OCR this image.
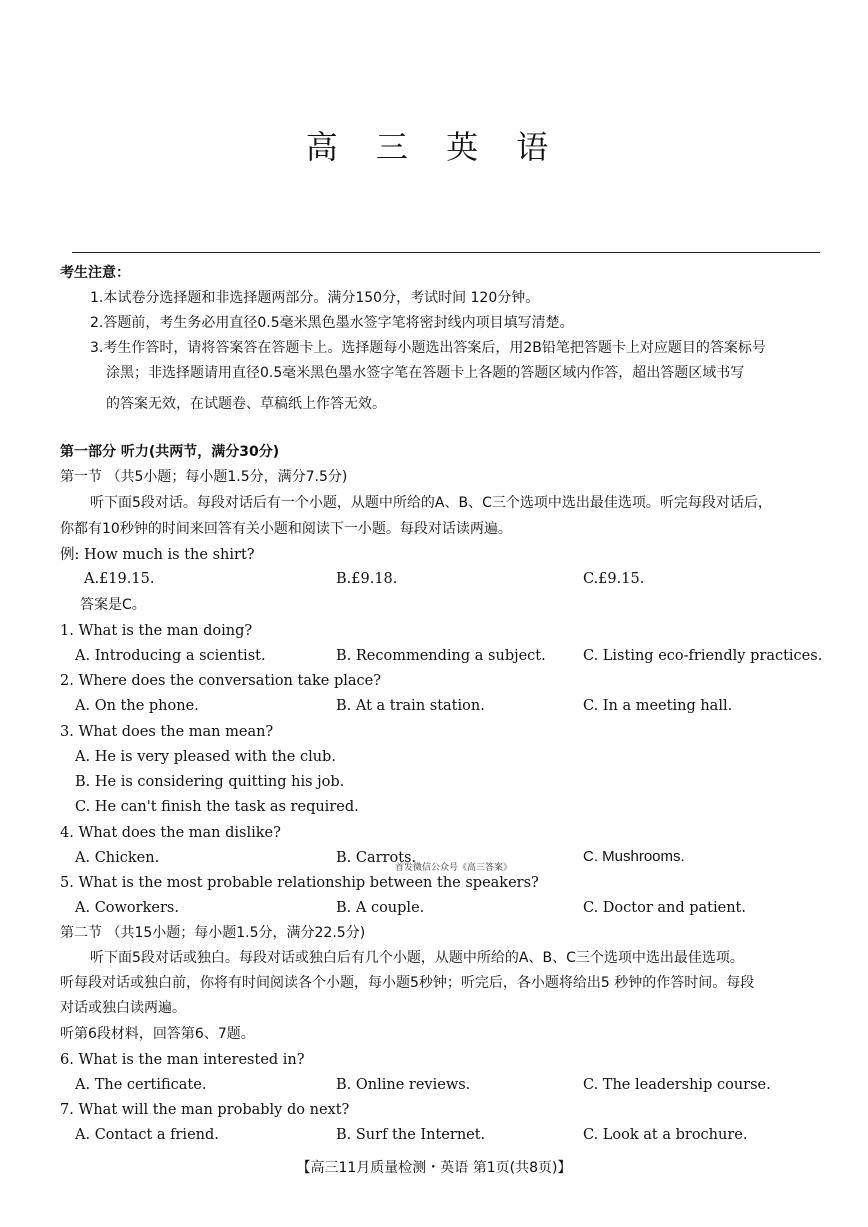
高 三 英 语
考生注意：
1.本试卷分选择题和非选择题两部分。满分150分，考试时间 120分钟。
2.答题前，考生务必用直径0.5毫米黑色墨水签字笔将密封线内项目填写清楚。
3.考生作答时，请将答案答在答题卡上。选择题每小题选出答案后，用2B铅笔把答题卡上对应题目的答案标号
涂黑；非选择题请用直径0.5毫米黑色墨水签字笔在答题卡上各题的答题区域内作答，超出答题区域书写
的答案无效，在试题卷、草稿纸上作答无效。
第一部分 听力(共两节，满分30分)
第一节 （共5小题；每小题1.5分，满分7.5分)
听下面5段对话。每段对话后有一个小题，从题中所给的A、B、C三个选项中选出最佳选项。听完每段对话后，
你都有10秒钟的时间来回答有关小题和阅读下一小题。每段对话读两遍。
例: How much is the shirt?
A.£19.15.	B.£9.18.	C.£9.15.
答案是C。
1. What is the man doing?
A. Introducing a scientist.	B. Recommending a subject.	C. Listing eco-friendly practices.
2. Where does the conversation take place?
A. On the phone.	B. At a train station.	C. In a meeting hall.
3. What does the man mean?
A. He is very pleased with the club.
B. He is considering quitting his job.
C. He can't finish the task as required.
4. What does the man dislike?
A. Chicken.	B. Carrots.	C. Mushrooms.
首发微信公众号《高三答案》
5. What is the most probable relationship between the speakers?
A. Coworkers.	B. A couple.	C. Doctor and patient.
第二节 （共15小题；每小题1.5分，满分22.5分)
听下面5段对话或独白。每段对话或独白后有几个小题，从题中所给的A、B、C三个选项中选出最佳选项。
听每段对话或独白前，你将有时间阅读各个小题，每小题5秒钟；听完后，各小题将给出5 秒钟的作答时间。每段
对话或独白读两遍。
听第6段材料，回答第6、7题。
6. What is the man interested in?
A. The certificate.	B. Online reviews.	C. The leadership course.
7. What will the man probably do next?
A. Contact a friend.	B. Surf the Internet.	C. Look at a brochure.
【高三11月质量检测・英语 第1页(共8页)】
